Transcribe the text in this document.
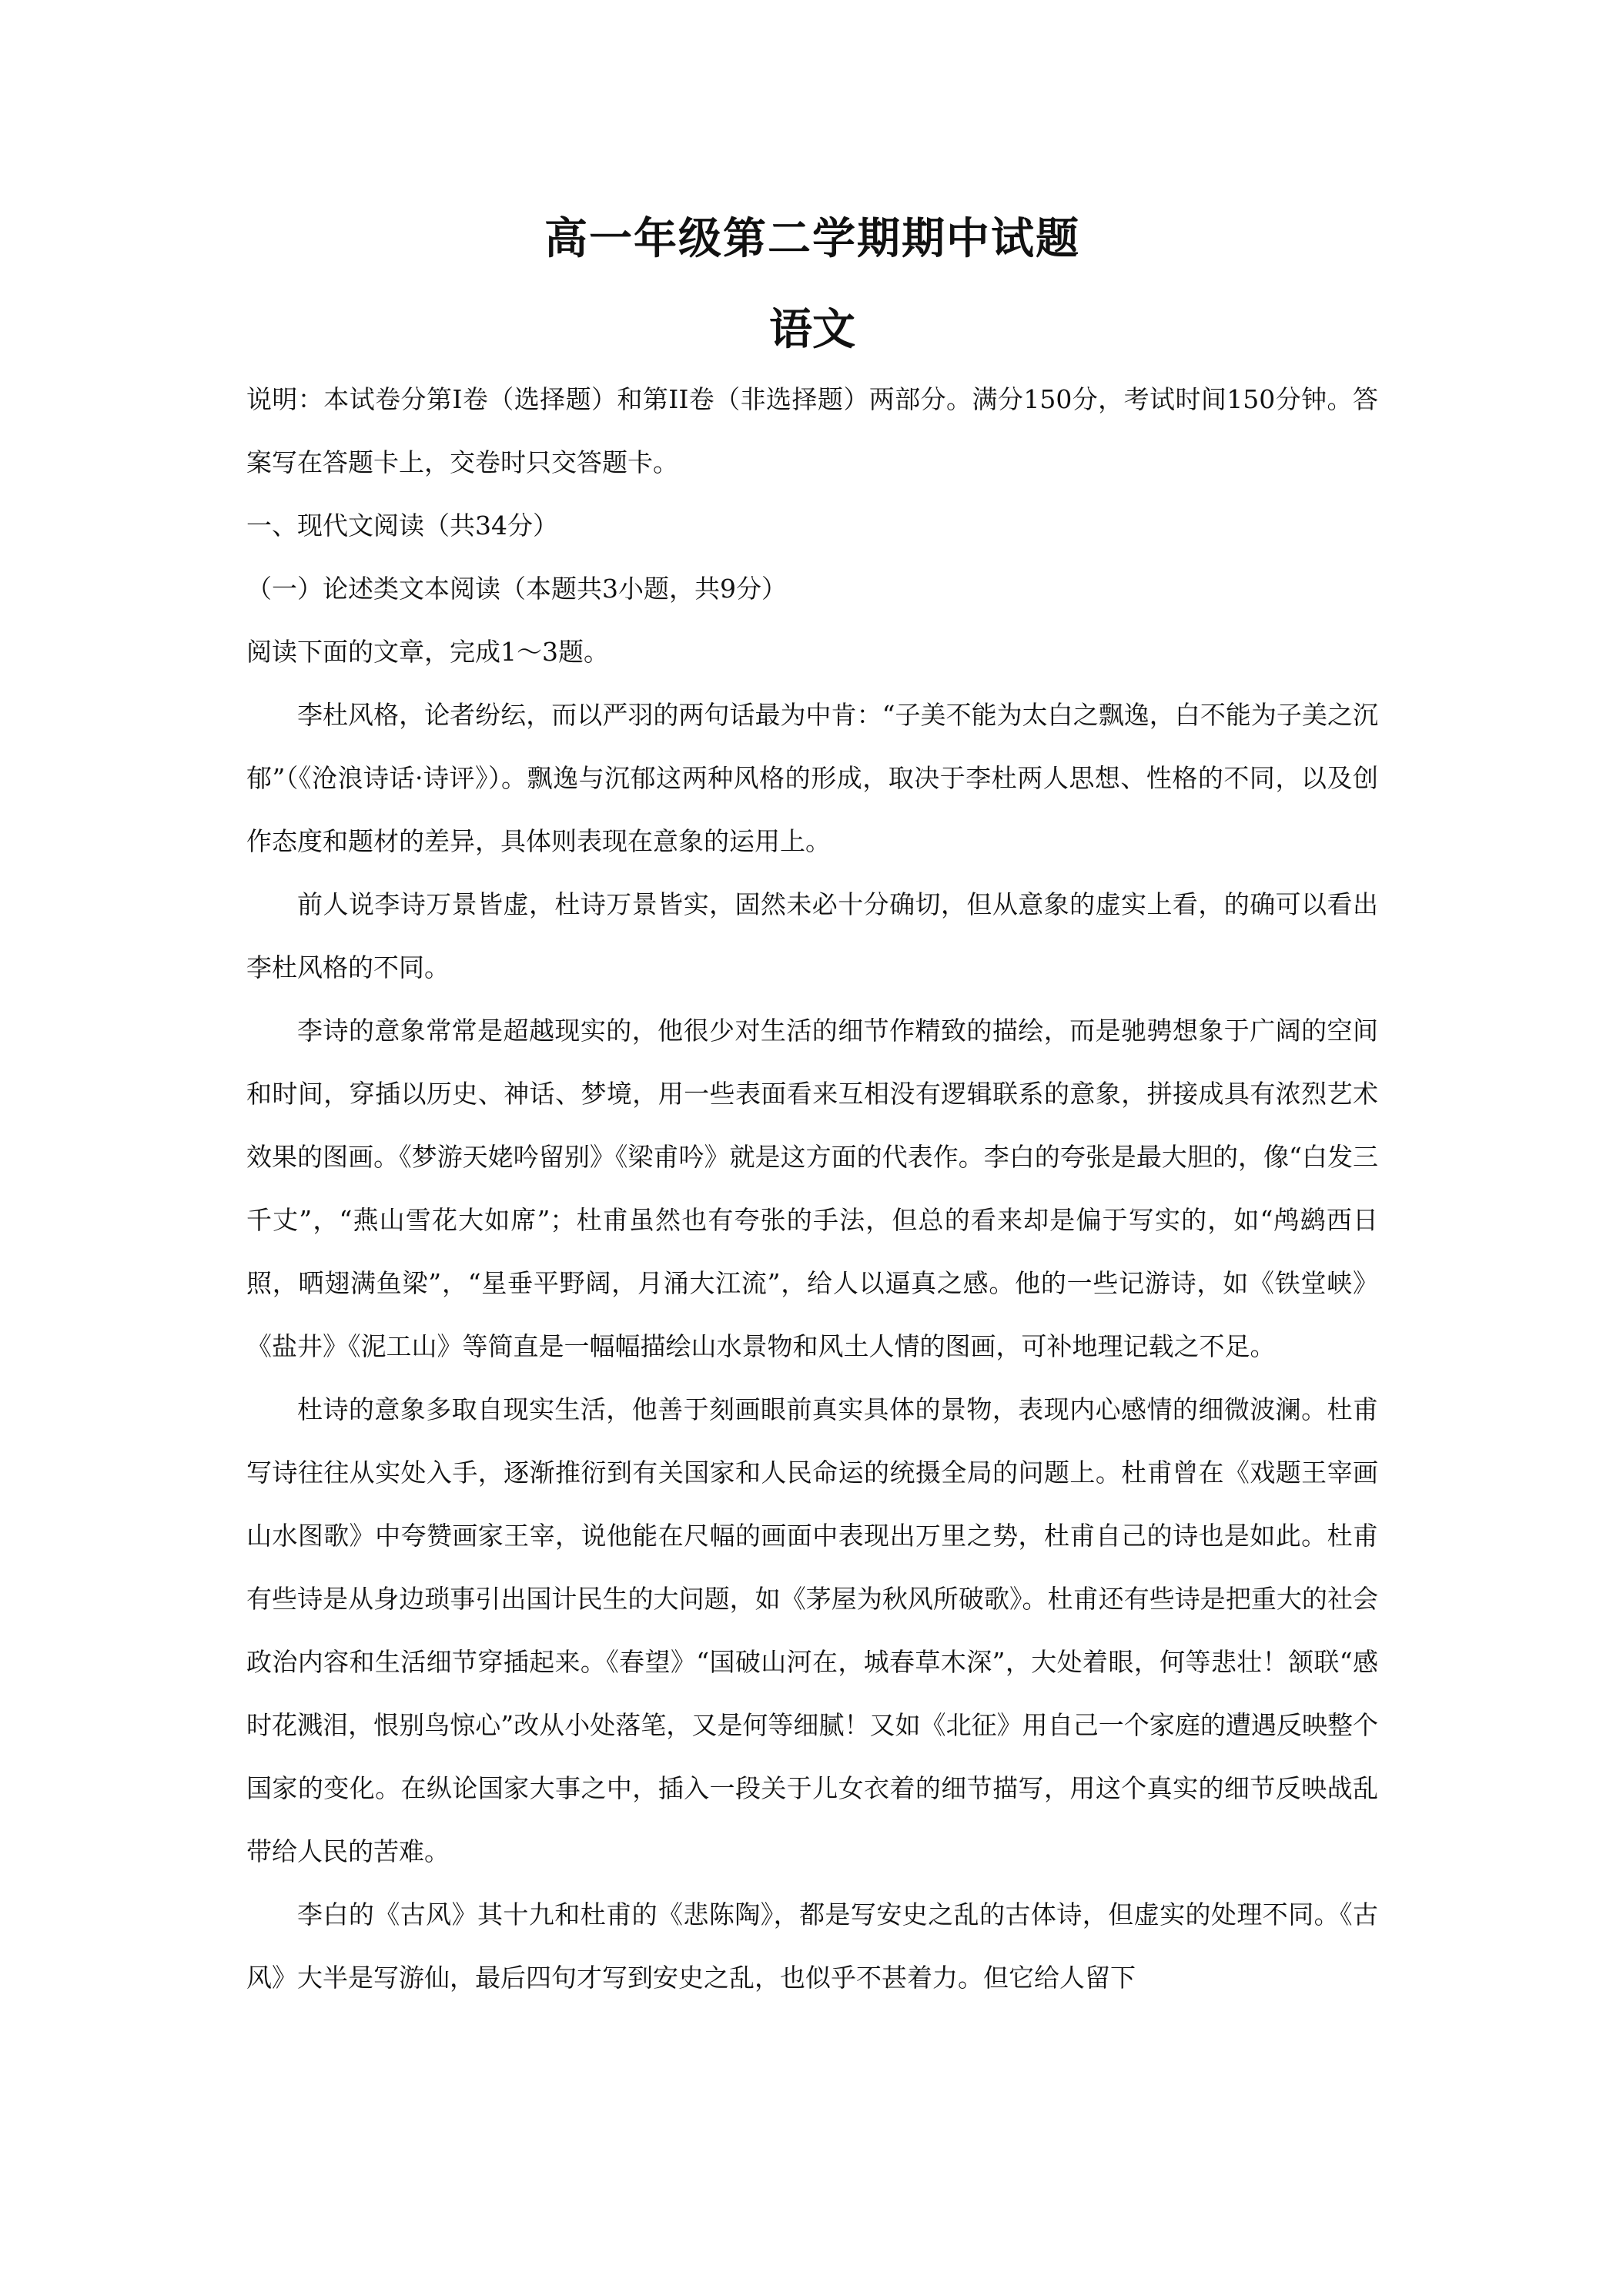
高一年级第二学期期中试题
语文

说明：本试卷分第I卷（选择题）和第II卷（非选择题）两部分。满分150分，考试时间150分钟。答案写在答题卡上，交卷时只交答题卡。

一、现代文阅读（共34分）

（一）论述类文本阅读（本题共3小题，共9分）

阅读下面的文章，完成1～3题。

李杜风格，论者纷纭，而以严羽的两句话最为中肯：“子美不能为太白之飘逸，白不能为子美之沉郁”（《沧浪诗话·诗评》）。飘逸与沉郁这两种风格的形成，取决于李杜两人思想、性格的不同，以及创作态度和题材的差异，具体则表现在意象的运用上。

前人说李诗万景皆虚，杜诗万景皆实，固然未必十分确切，但从意象的虚实上看，的确可以看出李杜风格的不同。

李诗的意象常常是超越现实的，他很少对生活的细节作精致的描绘，而是驰骋想象于广阔的空间和时间，穿插以历史、神话、梦境，用一些表面看来互相没有逻辑联系的意象，拼接成具有浓烈艺术效果的图画。《梦游天姥吟留别》《梁甫吟》就是这方面的代表作。李白的夸张是最大胆的，像“白发三千丈”，“燕山雪花大如席”；杜甫虽然也有夸张的手法，但总的看来却是偏于写实的，如“鸬鹚西日照，晒翅满鱼梁”，“星垂平野阔，月涌大江流”，给人以逼真之感。他的一些记游诗，如《铁堂峡》《盐井》《泥工山》等简直是一幅幅描绘山水景物和风土人情的图画，可补地理记载之不足。

杜诗的意象多取自现实生活，他善于刻画眼前真实具体的景物，表现内心感情的细微波澜。杜甫写诗往往从实处入手，逐渐推衍到有关国家和人民命运的统摄全局的问题上。杜甫曾在《戏题王宰画山水图歌》中夸赞画家王宰，说他能在尺幅的画面中表现出万里之势，杜甫自己的诗也是如此。杜甫有些诗是从身边琐事引出国计民生的大问题，如《茅屋为秋风所破歌》。杜甫还有些诗是把重大的社会政治内容和生活细节穿插起来。《春望》“国破山河在，城春草木深”，大处着眼，何等悲壮！颔联“感时花溅泪，恨别鸟惊心”改从小处落笔，又是何等细腻！又如《北征》用自己一个家庭的遭遇反映整个国家的变化。在纵论国家大事之中，插入一段关于儿女衣着的细节描写，用这个真实的细节反映战乱带给人民的苦难。

李白的《古风》其十九和杜甫的《悲陈陶》，都是写安史之乱的古体诗，但虚实的处理不同。《古风》大半是写游仙，最后四句才写到安史之乱，也似乎不甚着力。但它给人留下
